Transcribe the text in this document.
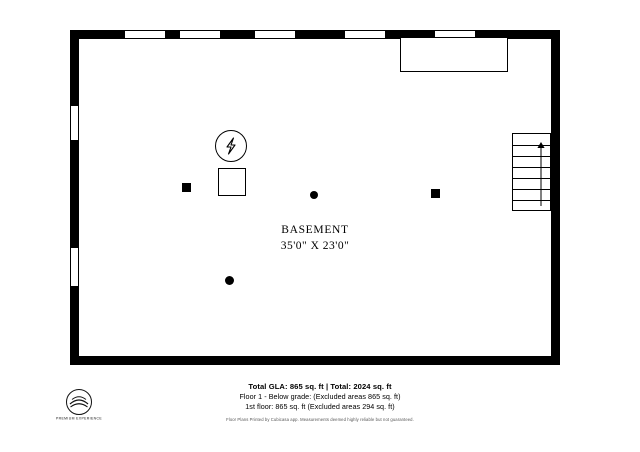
BASEMENT
35'0" X 23'0"
PREMIUM EXPERIENCE
Total GLA: 865 sq. ft | Total: 2024 sq. ft
Floor 1 - Below grade: (Excluded areas 865 sq. ft)
1st floor: 865 sq. ft (Excluded areas 294 sq. ft)
Floor Plans Printed by Cubicasa app. Measurements deemed highly reliable but not guaranteed.
